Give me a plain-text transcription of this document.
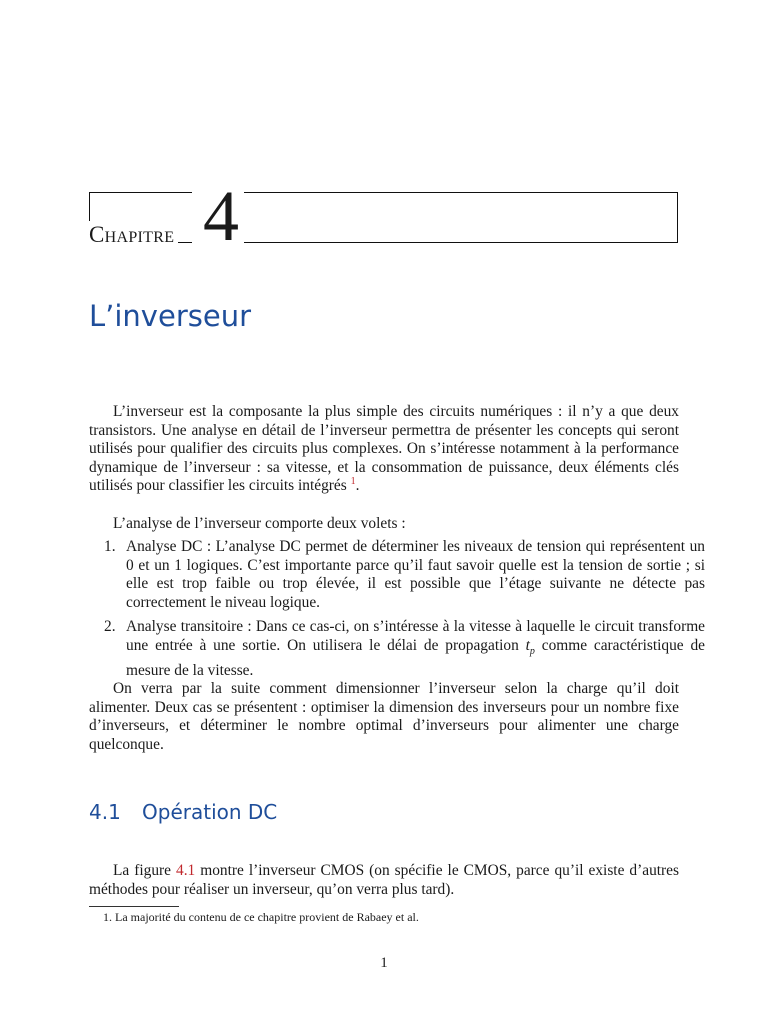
Chapitre 4
L’inverseur

L’inverseur est la composante la plus simple des circuits numériques : il n’y a que deux transistors. Une analyse en détail de l’inverseur permettra de présenter les concepts qui seront utilisés pour qualifier des circuits plus complexes. On s’intéresse notamment à la performance dynamique de l’inverseur : sa vitesse, et la consommation de puissance, deux éléments clés utilisés pour classifier les circuits intégrés $^1$.

L’analyse de l’inverseur comporte deux volets :

1. Analyse DC : L’analyse DC permet de déterminer les niveaux de tension qui représentent un 0 et un 1 logiques. C’est importante parce qu’il faut savoir quelle est la tension de sortie ; si elle est trop faible ou trop élevée, il est possible que l’étage suivante ne détecte pas correctement le niveau logique.
2. Analyse transitoire : Dans ce cas-ci, on s’intéresse à la vitesse à laquelle le circuit transforme une entrée à une sortie. On utilisera le délai de propagation $t_p$ comme caractéristique de mesure de la vitesse.

On verra par la suite comment dimensionner l’inverseur selon la charge qu’il doit alimenter. Deux cas se présentent : optimiser la dimension des inverseurs pour un nombre fixe d’inverseurs, et déterminer le nombre optimal d’inverseurs pour alimenter une charge quelconque.

4.1 Opération DC

La figure 4.1 montre l’inverseur CMOS (on spécifie le CMOS, parce qu’il existe d’autres méthodes pour réaliser un inverseur, qu’on verra plus tard).

1. La majorité du contenu de ce chapitre provient de Rabaey et al.
1
